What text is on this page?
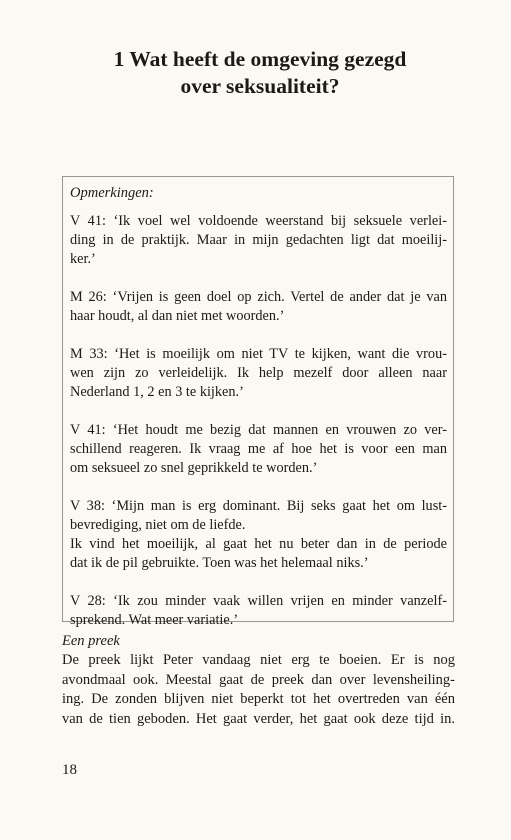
1 Wat heeft de omgeving gezegd
over seksualiteit?
Opmerkingen:
V 41: ‘Ik voel wel voldoende weerstand bij seksuele verlei-
ding in de praktijk. Maar in mijn gedachten ligt dat moeilij-
ker.’
M 26: ‘Vrijen is geen doel op zich. Vertel de ander dat je van
haar houdt, al dan niet met woorden.’
M 33: ‘Het is moeilijk om niet TV te kijken, want die vrou-
wen zijn zo verleidelijk. Ik help mezelf door alleen naar
Nederland 1, 2 en 3 te kijken.’
V 41: ‘Het houdt me bezig dat mannen en vrouwen zo ver-
schillend reageren. Ik vraag me af hoe het is voor een man
om seksueel zo snel geprikkeld te worden.’
V 38: ‘Mijn man is erg dominant. Bij seks gaat het om lust-
bevrediging, niet om de liefde.
Ik vind het moeilijk, al gaat het nu beter dan in de periode
dat ik de pil gebruikte. Toen was het helemaal niks.’
V 28: ‘Ik zou minder vaak willen vrijen en minder vanzelf-
sprekend. Wat meer variatie.’
Een preek
De preek lijkt Peter vandaag niet erg te boeien. Er is nog
avondmaal ook. Meestal gaat de preek dan over levensheiling-
ing. De zonden blijven niet beperkt tot het overtreden van één
van de tien geboden. Het gaat verder, het gaat ook deze tijd in.
18
